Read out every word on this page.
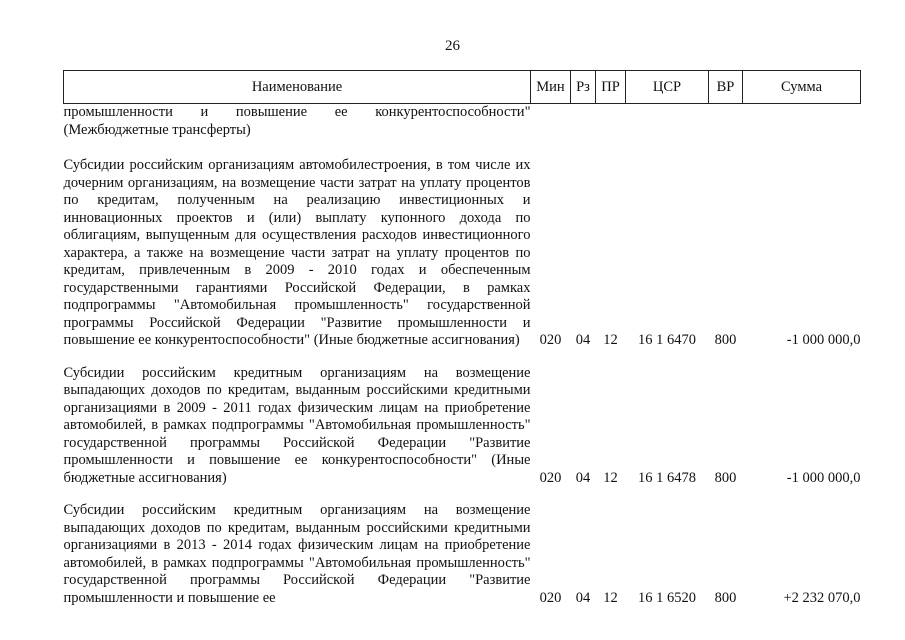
26
Наименование	Мин	Рз	ПР	ЦСР	ВР	Сумма
промышленности и повышение ее конкурентоспособности" (Межбюджетные трансферты)						

Субсидии российским организациям автомобилестроения, в том числе их дочерним организациям, на возмещение части затрат на уплату процентов по кредитам, полученным на реализацию инвестиционных и инновационных проектов и (или) выплату купонного дохода по облигациям, выпущенным для осуществления расходов инвестиционного характера, а также на возмещение части затрат на уплату процентов по кредитам, привлеченным в 2009 - 2010 годах и обеспеченным государственными гарантиями Российской Федерации, в рамках подпрограммы "Автомобильная промышленность" государственной программы Российской Федерации "Развитие промышленности и повышение ее конкурентоспособности" (Иные бюджетные ассигнования)	020	04	12	16 1 6470	800	-1 000 000,0

Субсидии российским кредитным организациям на возмещение выпадающих доходов по кредитам, выданным российскими кредитными организациями в 2009 - 2011 годах физическим лицам на приобретение автомобилей, в рамках подпрограммы "Автомобильная промышленность" государственной программы Российской Федерации "Развитие промышленности и повышение ее конкурентоспособности" (Иные бюджетные ассигнования)	020	04	12	16 1 6478	800	-1 000 000,0

Субсидии российским кредитным организациям на возмещение выпадающих доходов по кредитам, выданным российскими кредитными организациями в 2013 - 2014 годах физическим лицам на приобретение автомобилей, в рамках подпрограммы "Автомобильная промышленность" государственной программы Российской Федерации "Развитие промышленности и повышение ее	020	04	12	16 1 6520	800	+2 232 070,0
